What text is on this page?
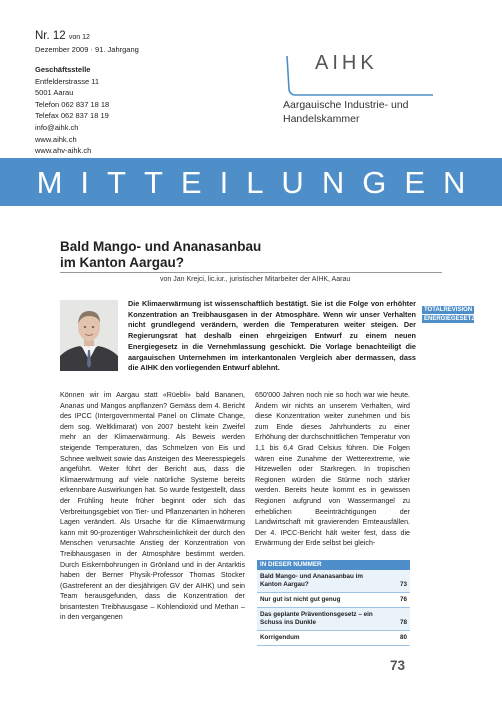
Nr. 12 von 12
Dezember 2009 · 91. Jahrgang
Geschäftsstelle
Entfelderstrasse 11
5001 Aarau
Telefon 062 837 18 18
Telefax 062 837 18 19
info@aihk.ch
www.aihk.ch
www.ahv-aihk.ch
AIHK
Aargauische Industrie- und
Handelskammer
MITTEILUNGEN
Bald Mango- und Ananasanbau
im Kanton Aargau?
von Jan Krejci, lic.iur., juristischer Mitarbeiter der AIHK, Aarau
Die Klimaerwärmung ist wissenschaftlich bestätigt. Sie ist die Folge von erhöhter Konzentration an Treibhausgasen in der Atmosphäre. Wenn wir unser Verhalten nicht grundlegend verändern, werden die Temperaturen weiter steigen. Der Regierungsrat hat deshalb einen ehrgeizigen Entwurf zu einem neuen Energiegesetz in die Vernehmlassung geschickt. Die Vorlage benachteiligt die aargauischen Unternehmen im interkantonalen Vergleich aber dermassen, dass die AIHK den vorliegenden Entwurf ablehnt.
TOTALREVISION
ENERGIEGESETZ
Können wir im Aargau statt «Rüebli» bald Bananen, Ananas und Mangos anpflanzen? Gemäss dem 4. Bericht des IPCC (Intergovernmental Panel on Climate Change, dem sog. Weltklimarat) von 2007 besteht kein Zweifel mehr an der Klimaerwärmung. Als Beweis werden steigende Temperaturen, das Schmelzen von Eis und Schnee weltweit sowie das Ansteigen des Meeresspiegels angeführt. Weiter führt der Bericht aus, dass die Klimaerwärmung auf viele natürliche Systeme bereits erkennbare Auswirkungen hat. So wurde festgestellt, dass der Frühling heute früher beginnt oder sich das Verbreitungsgebiet von Tier- und Pflanzenarten in höheren Lagen verändert. Als Ursache für die Klimaerwärmung kann mit 90-prozentiger Wahrscheinlichkeit der durch den Menschen verursachte Anstieg der Konzentration von Treibhausgasen in der Atmosphäre bestimmt werden. Durch Eiskernbohrungen in Grönland und in der Antarktis haben der Berner Physik-Professor Thomas Stocker (Gastreferent an der diesjährigen GV der AIHK) und sein Team herausgefunden, dass die Konzentration der brisantesten Treibhausgase – Kohlendioxid und Methan – in den vergangenen
650'000 Jahren noch nie so hoch war wie heute. Ändern wir nichts an unserem Verhalten, wird diese Konzentration weiter zunehmen und bis zum Ende dieses Jahrhunderts zu einer Erhöhung der durchschnittlichen Temperatur von 1,1 bis 6,4 Grad Celsius führen. Die Folgen wären eine Zunahme der Wetterextreme, wie Hitzewellen oder Starkregen. In tropischen Regionen würden die Stürme noch stärker werden. Bereits heute kommt es in gewissen Regionen aufgrund von Wassermangel zu erheblichen Beeinträchtigungen der Landwirtschaft mit gravierenden Ernteausfällen. Der 4. IPCC-Bericht hält weiter fest, dass die Erwärmung der Erde selbst bei gleich-
IN DIESER NUMMER
Bald Mango- und Ananasanbau im Kanton Aargau?	73
Nur gut ist nicht gut genug	76
Das geplante Präventionsgesetz – ein Schuss ins Dunkle	78
Korrigendum	80
73
